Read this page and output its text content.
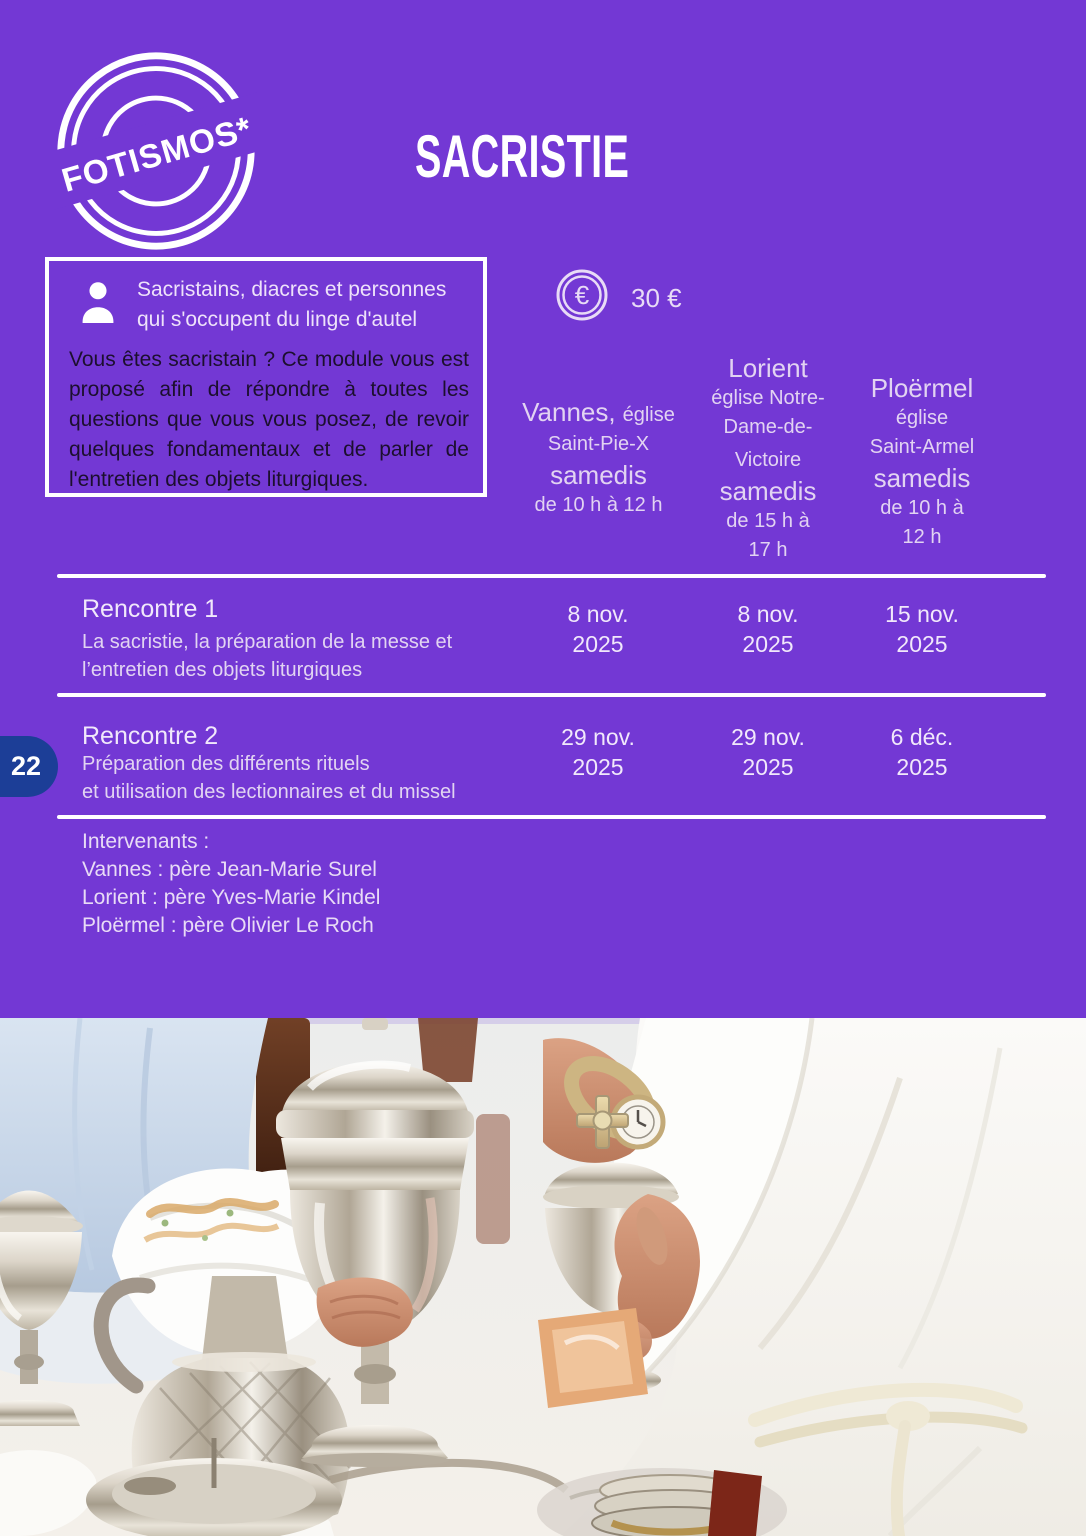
FOTISMOS*	SACRISTIE
Sacristains, diacres et personnes qui s'occupent du linge d'autel
Vous êtes sacristain ? Ce module vous est proposé afin de répondre à toutes les questions que vous vous posez, de revoir quelques fondamentaux et de parler de l'entretien des objets liturgiques.
€ 30 €
Vannes, église
Saint-Pie-X
samedis
de 10 h à 12 h
Lorient
église Notre-
Dame-de-
Victoire
samedis
de 15 h à
17 h
Ploërmel
église
Saint-Armel
samedis
de 10 h à
12 h
Rencontre 1
La sacristie, la préparation de la messe et
l’entretien des objets liturgiques
8 nov.
2025
8 nov.
2025
15 nov.
2025
Rencontre 2
Préparation des différents rituels
et utilisation des lectionnaires et du missel
29 nov.
2025
29 nov.
2025
6 déc.
2025
Intervenants :
Vannes : père Jean-Marie Surel
Lorient : père Yves-Marie Kindel
Ploërmel : père Olivier Le Roch
22
